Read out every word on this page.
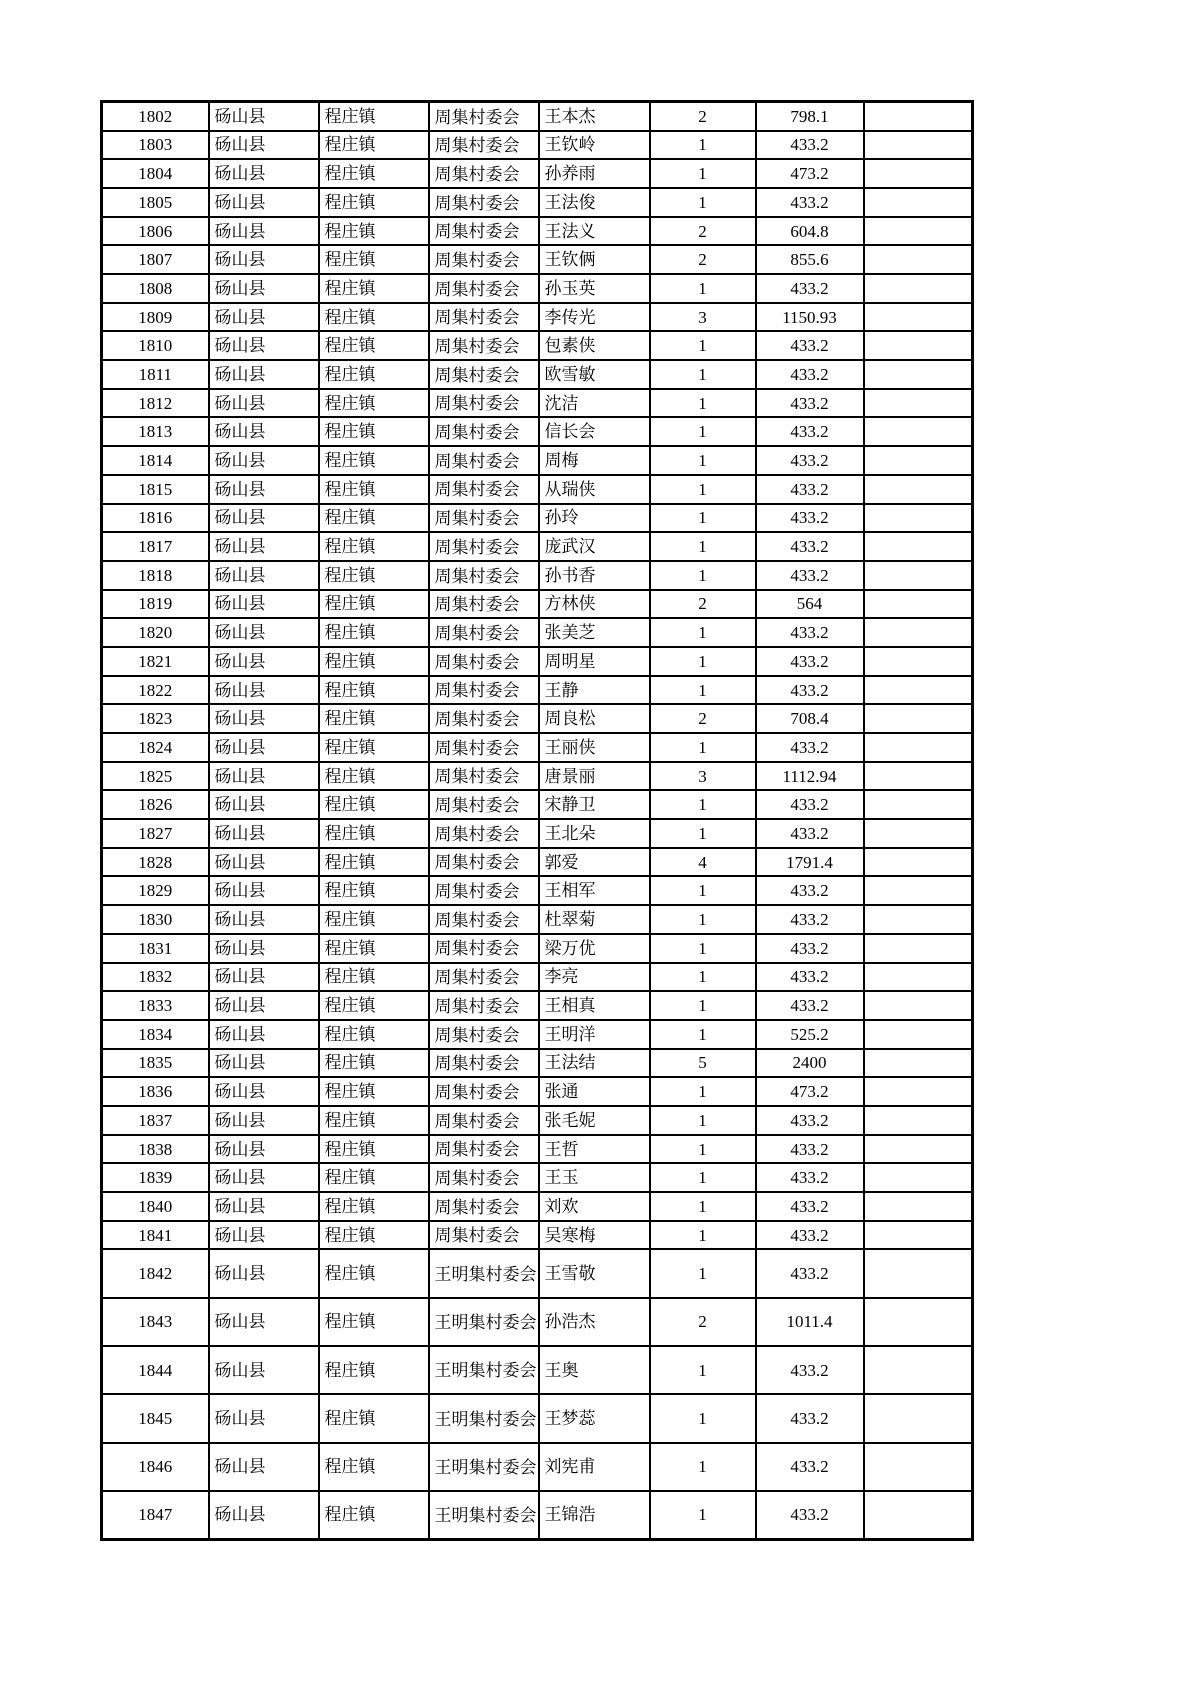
1802	砀山县	程庄镇	周集村委会	王本杰	2	798.1	
1803	砀山县	程庄镇	周集村委会	王钦岭	1	433.2	
1804	砀山县	程庄镇	周集村委会	孙养雨	1	473.2	
1805	砀山县	程庄镇	周集村委会	王法俊	1	433.2	
1806	砀山县	程庄镇	周集村委会	王法义	2	604.8	
1807	砀山县	程庄镇	周集村委会	王钦俩	2	855.6	
1808	砀山县	程庄镇	周集村委会	孙玉英	1	433.2	
1809	砀山县	程庄镇	周集村委会	李传光	3	1150.93	
1810	砀山县	程庄镇	周集村委会	包素侠	1	433.2	
1811	砀山县	程庄镇	周集村委会	欧雪敏	1	433.2	
1812	砀山县	程庄镇	周集村委会	沈洁	1	433.2	
1813	砀山县	程庄镇	周集村委会	信长会	1	433.2	
1814	砀山县	程庄镇	周集村委会	周梅	1	433.2	
1815	砀山县	程庄镇	周集村委会	从瑞侠	1	433.2	
1816	砀山县	程庄镇	周集村委会	孙玲	1	433.2	
1817	砀山县	程庄镇	周集村委会	庞武汉	1	433.2	
1818	砀山县	程庄镇	周集村委会	孙书香	1	433.2	
1819	砀山县	程庄镇	周集村委会	方林侠	2	564	
1820	砀山县	程庄镇	周集村委会	张美芝	1	433.2	
1821	砀山县	程庄镇	周集村委会	周明星	1	433.2	
1822	砀山县	程庄镇	周集村委会	王静	1	433.2	
1823	砀山县	程庄镇	周集村委会	周良松	2	708.4	
1824	砀山县	程庄镇	周集村委会	王丽侠	1	433.2	
1825	砀山县	程庄镇	周集村委会	唐景丽	3	1112.94	
1826	砀山县	程庄镇	周集村委会	宋静卫	1	433.2	
1827	砀山县	程庄镇	周集村委会	王北朵	1	433.2	
1828	砀山县	程庄镇	周集村委会	郭爱	4	1791.4	
1829	砀山县	程庄镇	周集村委会	王相军	1	433.2	
1830	砀山县	程庄镇	周集村委会	杜翠菊	1	433.2	
1831	砀山县	程庄镇	周集村委会	梁万优	1	433.2	
1832	砀山县	程庄镇	周集村委会	李亮	1	433.2	
1833	砀山县	程庄镇	周集村委会	王相真	1	433.2	
1834	砀山县	程庄镇	周集村委会	王明洋	1	525.2	
1835	砀山县	程庄镇	周集村委会	王法结	5	2400	
1836	砀山县	程庄镇	周集村委会	张通	1	473.2	
1837	砀山县	程庄镇	周集村委会	张毛妮	1	433.2	
1838	砀山县	程庄镇	周集村委会	王哲	1	433.2	
1839	砀山县	程庄镇	周集村委会	王玉	1	433.2	
1840	砀山县	程庄镇	周集村委会	刘欢	1	433.2	
1841	砀山县	程庄镇	周集村委会	吴寒梅	1	433.2	
1842	砀山县	程庄镇	王明集村委会	王雪敬	1	433.2	
1843	砀山县	程庄镇	王明集村委会	孙浩杰	2	1011.4	
1844	砀山县	程庄镇	王明集村委会	王奥	1	433.2	
1845	砀山县	程庄镇	王明集村委会	王梦蕊	1	433.2	
1846	砀山县	程庄镇	王明集村委会	刘宪甫	1	433.2	
1847	砀山县	程庄镇	王明集村委会	王锦浩	1	433.2	
